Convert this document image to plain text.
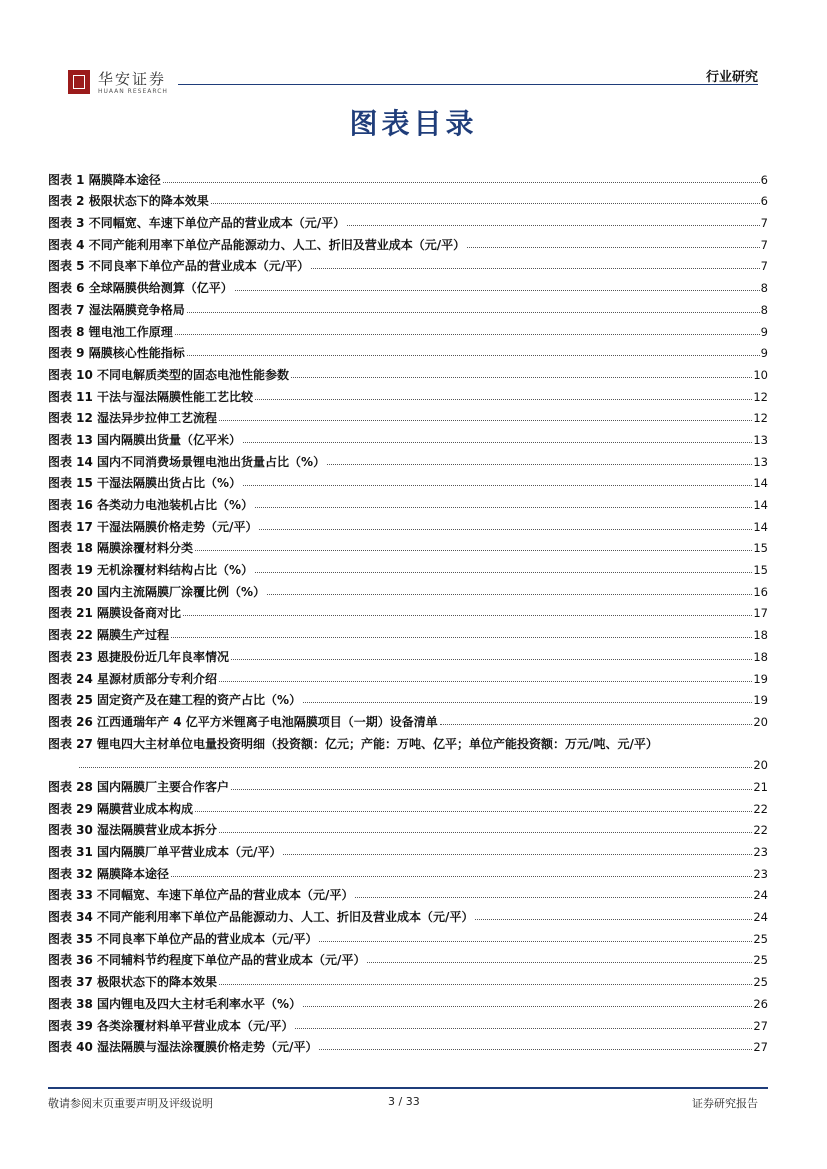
华安证券
HUAAN RESEARCH
行业研究
图表目录
图表 1 隔膜降本途径	6
图表 2 极限状态下的降本效果	6
图表 3 不同幅宽、车速下单位产品的营业成本（元/平）	7
图表 4 不同产能利用率下单位产品能源动力、人工、折旧及营业成本（元/平）	7
图表 5 不同良率下单位产品的营业成本（元/平）	7
图表 6 全球隔膜供给测算（亿平）	8
图表 7 湿法隔膜竞争格局	8
图表 8 锂电池工作原理	9
图表 9 隔膜核心性能指标	9
图表 10 不同电解质类型的固态电池性能参数	10
图表 11 干法与湿法隔膜性能工艺比较	12
图表 12 湿法异步拉伸工艺流程	12
图表 13 国内隔膜出货量（亿平米）	13
图表 14 国内不同消费场景锂电池出货量占比（%）	13
图表 15 干湿法隔膜出货占比（%）	14
图表 16 各类动力电池装机占比（%）	14
图表 17 干湿法隔膜价格走势（元/平）	14
图表 18 隔膜涂覆材料分类	15
图表 19 无机涂覆材料结构占比（%）	15
图表 20 国内主流隔膜厂涂覆比例（%）	16
图表 21 隔膜设备商对比	17
图表 22 隔膜生产过程	18
图表 23 恩捷股份近几年良率情况	18
图表 24 星源材质部分专利介绍	19
图表 25 固定资产及在建工程的资产占比（%）	19
图表 26 江西通瑞年产 4 亿平方米锂离子电池隔膜项目（一期）设备清单	20
图表 27 锂电四大主材单位电量投资明细（投资额：亿元；产能：万吨、亿平；单位产能投资额：万元/吨、元/平）
20
图表 28 国内隔膜厂主要合作客户	21
图表 29 隔膜营业成本构成	22
图表 30 湿法隔膜营业成本拆分	22
图表 31 国内隔膜厂单平营业成本（元/平）	23
图表 32 隔膜降本途径	23
图表 33 不同幅宽、车速下单位产品的营业成本（元/平）	24
图表 34 不同产能利用率下单位产品能源动力、人工、折旧及营业成本（元/平）	24
图表 35 不同良率下单位产品的营业成本（元/平）	25
图表 36 不同辅料节约程度下单位产品的营业成本（元/平）	25
图表 37 极限状态下的降本效果	25
图表 38 国内锂电及四大主材毛利率水平（%）	26
图表 39 各类涂覆材料单平营业成本（元/平）	27
图表 40 湿法隔膜与湿法涂覆膜价格走势（元/平）	27
敬请参阅末页重要声明及评级说明	3 / 33	证券研究报告
